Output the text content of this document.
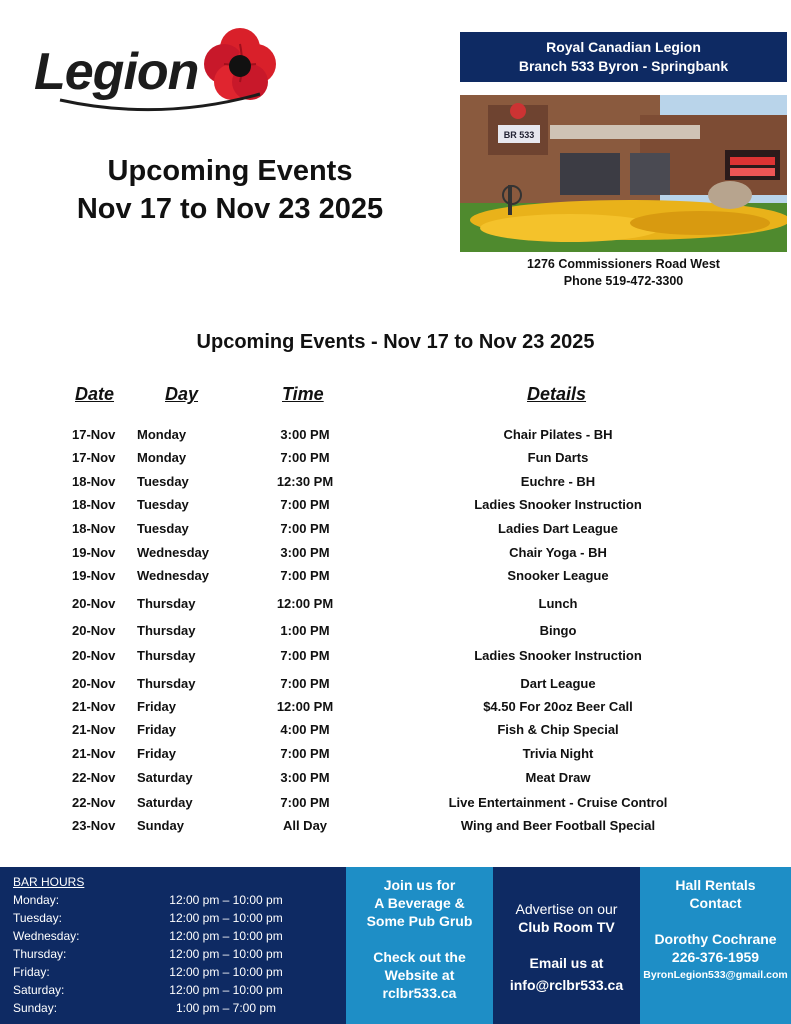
Legion
Upcoming Events
Nov 17 to Nov 23 2025
Royal Canadian Legion
Branch 533 Byron - Springbank
BR 533
1276 Commissioners Road West
Phone 519-472-3300
Upcoming Events - Nov 17 to Nov 23 2025
Date	Day	Time	Details
17-Nov Monday	3:00 PM	Chair Pilates - BH
17-Nov Monday	7:00 PM	Fun Darts
18-Nov Tuesday	12:30 PM	Euchre - BH
18-Nov Tuesday	7:00 PM	Ladies Snooker Instruction
18-Nov Tuesday	7:00 PM	Ladies Dart League
19-Nov Wednesday	3:00 PM	Chair Yoga - BH
19-Nov Wednesday	7:00 PM	Snooker League
20-Nov Thursday	12:00 PM	Lunch
20-Nov Thursday	1:00 PM	Bingo
20-Nov Thursday	7:00 PM	Ladies Snooker Instruction
20-Nov Thursday	7:00 PM	Dart League
21-Nov Friday	12:00 PM	$4.50 For 20oz Beer Call
21-Nov Friday	4:00 PM	Fish & Chip Special
21-Nov Friday	7:00 PM	Trivia Night
22-Nov Saturday	3:00 PM	Meat Draw
22-Nov Saturday	7:00 PM	Live Entertainment - Cruise Control
23-Nov Sunday	All Day	Wing and Beer Football Special
BAR HOURS
Monday:	12:00 pm – 10:00 pm
Tuesday:	12:00 pm – 10:00 pm
Wednesday:	12:00 pm – 10:00 pm
Thursday:	12:00 pm – 10:00 pm
Friday:	12:00 pm – 10:00 pm
Saturday:	12:00 pm – 10:00 pm
Sunday:	1:00 pm – 7:00 pm
Join us for
A Beverage &
Some Pub Grub
Check out the
Website at
rclbr533.ca
Advertise on our
Club Room TV
Email us at
info@rclbr533.ca
Hall Rentals
Contact
Dorothy Cochrane
226-376-1959
ByronLegion533@gmail.com
